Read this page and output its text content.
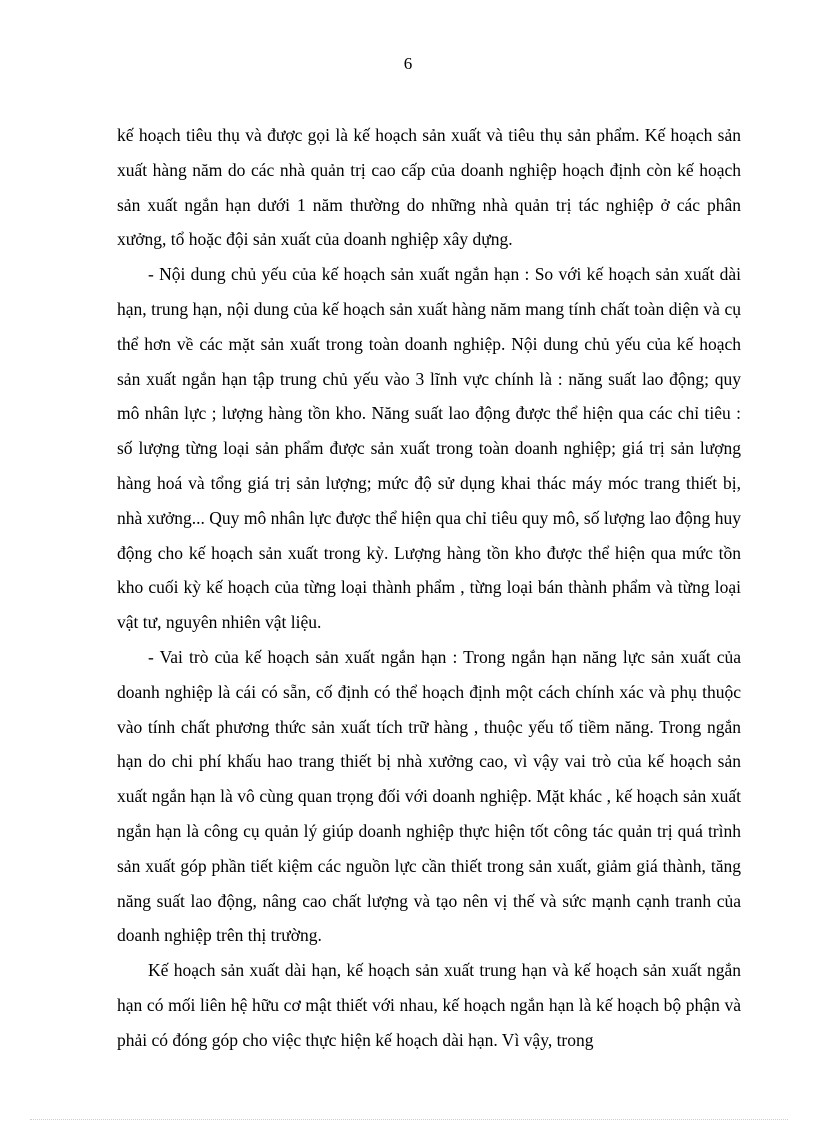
6

kế hoạch tiêu thụ và được gọi là kế hoạch sản xuất và tiêu thụ sản phẩm. Kế hoạch sản xuất hàng năm do các nhà quản trị cao cấp của doanh nghiệp hoạch định còn kế hoạch sản xuất ngắn hạn dưới 1 năm thường do những nhà quản trị tác nghiệp ở các phân xưởng, tổ hoặc đội sản xuất của doanh nghiệp xây dựng.

- Nội dung chủ yếu của kế hoạch sản xuất ngắn hạn : So với kế hoạch sản xuất dài hạn, trung hạn, nội dung của kế hoạch sản xuất hàng năm mang tính chất toàn diện và cụ thể hơn về các mặt sản xuất trong toàn doanh nghiệp. Nội dung chủ yếu của kế hoạch sản xuất ngắn hạn tập trung chủ yếu vào 3 lĩnh vực chính là : năng suất lao động; quy mô nhân lực ; lượng hàng tồn kho. Năng suất lao động được thể hiện qua các chỉ tiêu : số lượng từng loại sản phẩm được sản xuất trong toàn doanh nghiệp; giá trị sản lượng hàng hoá và tổng giá trị sản lượng; mức độ sử dụng khai thác máy móc trang thiết bị, nhà xưởng... Quy mô nhân lực được thể hiện qua chỉ tiêu quy mô, số lượng lao động huy động cho kế hoạch sản xuất trong kỳ. Lượng hàng tồn kho được thể hiện qua mức tồn kho cuối kỳ kế hoạch của từng loại thành phẩm , từng loại bán thành phẩm và từng loại vật tư, nguyên nhiên vật liệu.

- Vai trò của kế hoạch sản xuất ngắn hạn : Trong ngắn hạn năng lực sản xuất của doanh nghiệp là cái có sẵn, cố định có thể hoạch định một cách chính xác và phụ thuộc vào tính chất phương thức sản xuất tích trữ hàng , thuộc yếu tố tiềm năng. Trong ngắn hạn do chi phí khấu hao trang thiết bị nhà xưởng cao, vì vậy vai trò của kế hoạch sản xuất ngắn hạn là vô cùng quan trọng đối với doanh nghiệp. Mặt khác , kế hoạch sản xuất ngắn hạn là công cụ quản lý giúp doanh nghiệp thực hiện tốt công tác quản trị quá trình sản xuất góp phần tiết kiệm các nguồn lực cần thiết trong sản xuất, giảm giá thành, tăng năng suất lao động, nâng cao chất lượng và tạo nên vị thế và sức mạnh cạnh tranh của doanh nghiệp trên thị trường.

Kế hoạch sản xuất dài hạn, kế hoạch sản xuất trung hạn và kế hoạch sản xuất ngắn hạn có mối liên hệ hữu cơ mật thiết với nhau, kế hoạch ngắn hạn là kế hoạch bộ phận và phải có đóng góp cho việc thực hiện kế hoạch dài hạn. Vì vậy, trong
